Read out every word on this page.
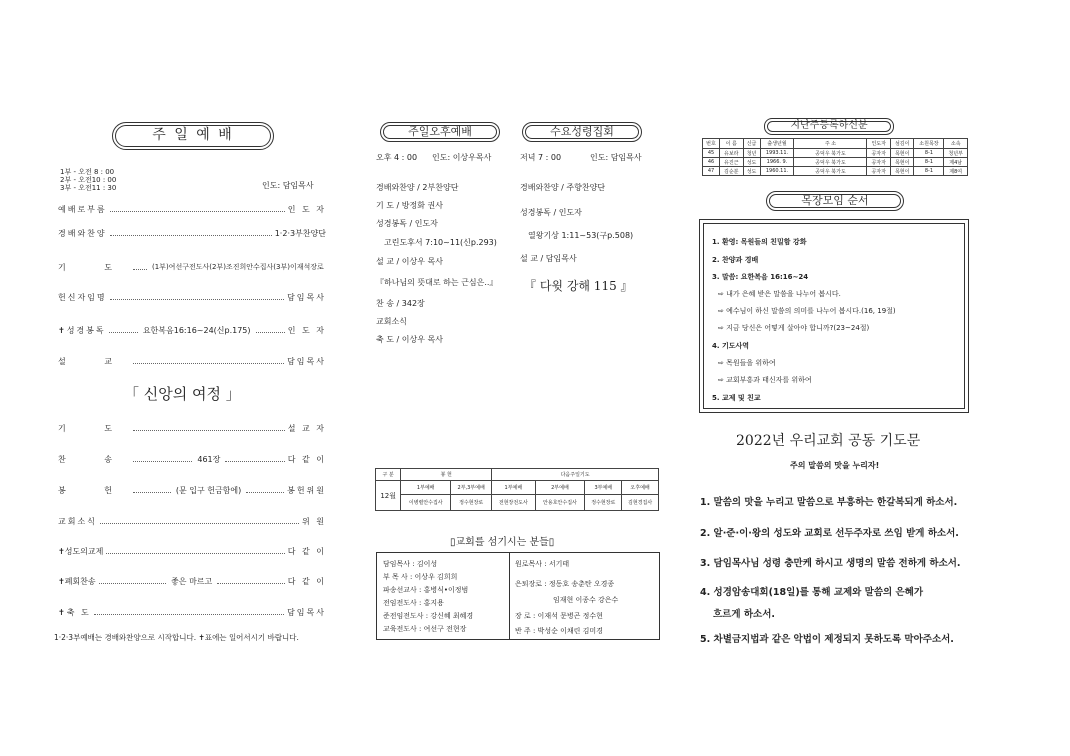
주 일 예 배
1부 - 오전 8 : 00
2부 - 오전10 : 00
3부 - 오전11 : 30	인도: 담임목사
예배로부름	인 도 자
경배와찬양	1·2·3부찬양단
기 도	(1부)여선구전도사(2부)조진희안수집사(3부)이재석장로
헌신자임명	담임목사
✝성경봉독	요한복음16:16~24(신p.175)	인 도 자
설 교	담임목사
「 신앙의 여정 」
기 도	설 교 자
찬 송	461장	다 같 이
봉 헌	(문 입구 헌금함에)	봉헌위원
교회소식	위 원
✝성도의교제	다 같 이
✝폐회찬송	좋은 마르고	다 같 이
✝축 도	담임목사
1·2·3부예배는 경배와찬양으로 시작합니다. ✝표에는 일어서시기 바랍니다.
주일오후예배	수요성령집회
오후 4 : 00 인도: 이상우목사
경배와찬양 / 2부찬양단
기 도 / 방정화 권사
성경봉독 / 인도자
고린도후서 7:10~11(신p.293)
설 교 / 이상우 목사
『하나님의 뜻대로 하는 근심은..』
찬 송 / 342장
교회소식
축 도 / 이상우 목사
저녁 7 : 00	인도: 담임목사
경배와찬양 / 주향찬양단
성경봉독 / 인도자
열왕기상 1:11~53(구p.508)
설 교 / 담임목사
『 다윗 강해 115 』
구 분	봉 헌		다음주일기도			
12월	1부예배	2부,3부예배	1부예배	2부예배	3부예배	오후예배
	이병렬안수집사	정수현장로	전현장전도사	안용호안수집사	정수현장로	김현경집사
▯교회를 섬기시는 분들▯
담임목사 : 김이성
부 목 사 : 이상우 김희희
파송선교사 : 홍병식•이정범
전임전도사 : 홍지용
준전임전도사 : 강신혜 최혜경
교육전도사 : 여선구 전현장
원로목사 : 서기태
은퇴장로 : 정동호 송춘탄 오경종
임재현 이종수 강은수
장 로 : 이재석 문병곤 정수현
반 주 : 박성순 이채린 김미경
지난주등록하신분
번호	이 름	신급	출생년월	주 소	인도자	섬김이	소원목장	소속
45	유보라	청년	1993.11.	공덕우 북가도	공자자	목현이	8-1	청년부
46	유진근	성도	1966. 9.	공덕우 북가도	공자자	목현이	8-1	제4남
47	김순분	성도	1960.11.	공덕우 북가도	공자자	목현이	8-1	제8여
목장모임 순서
1. 환영: 목원들의 친밀함 강화
2. 찬양과 경배
3. 말씀: 요한복음 16:16~24
⇨ 내가 은혜 받은 말씀을 나누어 봅시다.
⇨ 예수님이 하신 말씀의 의미를 나누어 봅시다.(16, 19절)
⇨ 지금 당신은 어떻게 살아야 합니까?(23~24절)
4. 기도사역
⇨ 목원들을 위하여
⇨ 교회부흥과 태신자를 위하여
5. 교제 및 친교
2022년 우리교회 공동 기도문
주의 말씀의 맛을 누리자!
1. 말씀의 맛을 누리고 말씀으로 부흥하는 한갈복되게 하소서.
2. 알·준·이·왕의 성도와 교회로 선두주자로 쓰임 받게 하소서.
3. 담임목사님 성령 충만케 하시고 생명의 말씀 전하게 하소서.
4. 성경암송대회(18일)를 통해 교제와 말씀의 은혜가
흐르게 하소서.
5. 차별금지법과 같은 악법이 제정되지 못하도록 막아주소서.
